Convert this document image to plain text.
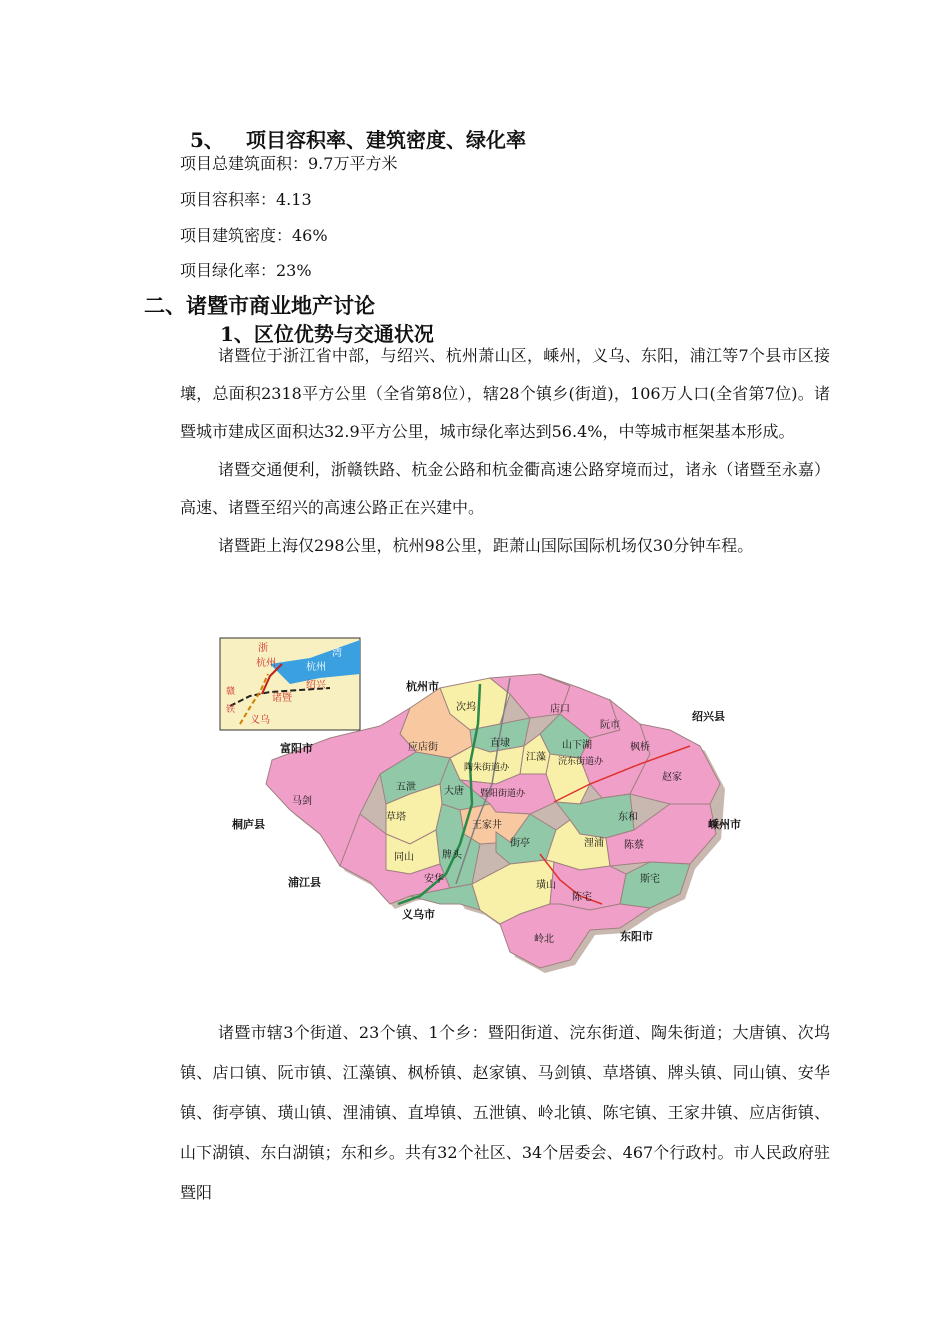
5、 项目容积率、建筑密度、绿化率
项目总建筑面积：9.7万平方米
项目容积率：4.13
项目建筑密度：46%
项目绿化率：23%
二、诸暨市商业地产讨论
1、区位优势与交通状况

诸暨位于浙江省中部，与绍兴、杭州萧山区，嵊州，义乌、东阳，浦江等7个县市区接壤，总面积2318平方公里（全省第8位），辖28个镇乡(街道)，106万人口(全省第7位)。诸暨城市建成区面积达32.9平方公里，城市绿化率达到56.4%，中等城市框架基本形成。

诸暨交通便利，浙赣铁路、杭金公路和杭金衢高速公路穿境而过，诸永（诸暨至永嘉）高速、诸暨至绍兴的高速公路正在兴建中。

诸暨距上海仅298公里，杭州98公里，距萧山国际国际机场仅30分钟车程。

浙
杭州
湾
杭州
绍兴
诸暨
义乌
赣
铁
杭州市
绍兴县
富阳市
桐庐县
浦江县
义乌市
东阳市
嵊州市
次坞	店口
阮市
直埭	山下湖
应店街
江藻
陶朱街道办
浣东街道办
枫桥
赵家
马剑
五泄	大唐 暨阳街道办
东和
草塔
王家井
牌头
街亭
璜山
浬浦 陈蔡
同山
安华	斯宅
陈宅
岭北

诸暨市辖3个街道、23个镇、1个乡：暨阳街道、浣东街道、陶朱街道；大唐镇、次坞镇、店口镇、阮市镇、江藻镇、枫桥镇、赵家镇、马剑镇、草塔镇、牌头镇、同山镇、安华镇、街亭镇、璜山镇、浬浦镇、直埠镇、五泄镇、岭北镇、陈宅镇、王家井镇、应店街镇、山下湖镇、东白湖镇；东和乡。共有32个社区、34个居委会、467个行政村。市人民政府驻暨阳
